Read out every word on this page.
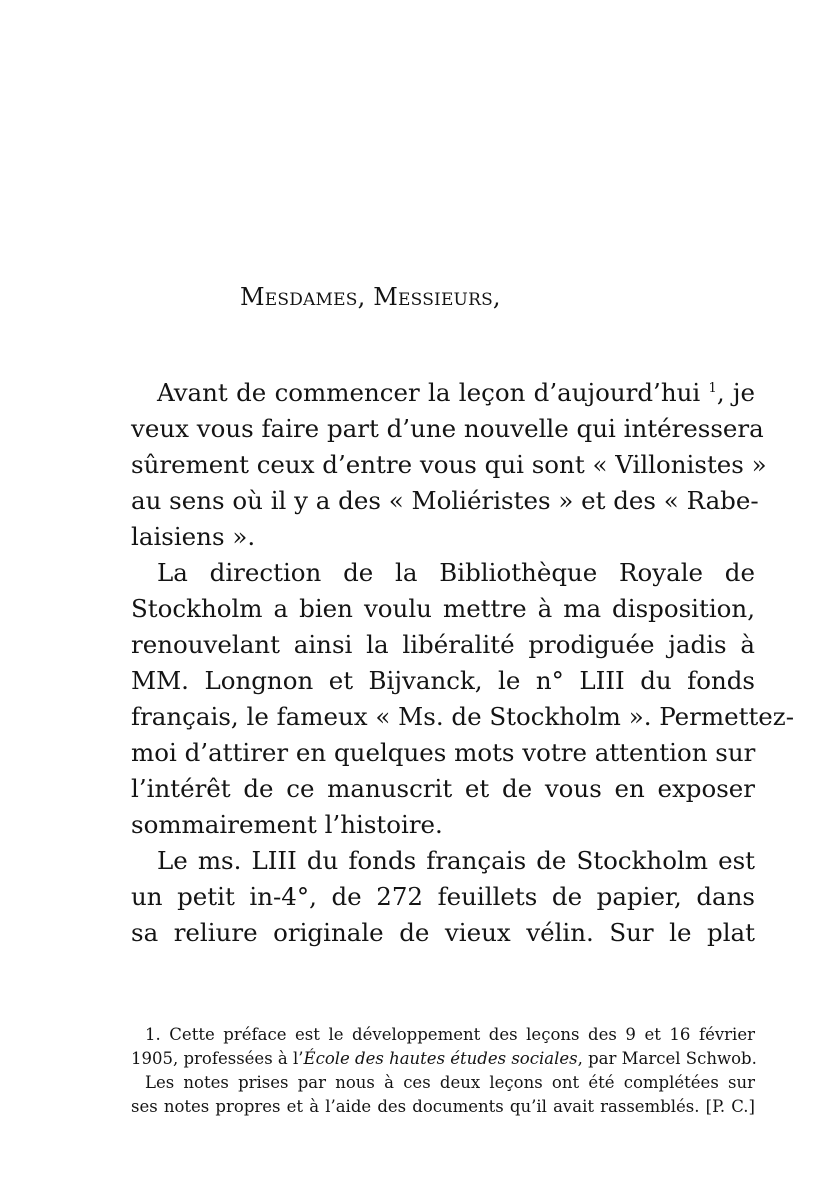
Mesdames, Messieurs,
Avant de commencer la leçon d’aujourd’hui $^1$, je
veux vous faire part d’une nouvelle qui intéressera
sûrement ceux d’entre vous qui sont « Villonistes »
au sens où il y a des « Moliéristes » et des « Rabe-
laisiens ».
La direction de la Bibliothèque Royale de
Stockholm a bien voulu mettre à ma disposition,
renouvelant ainsi la libéralité prodiguée jadis à
MM. Longnon et Bijvanck, le n° LIII du fonds
français, le fameux « Ms. de Stockholm ». Permettez-
moi d’attirer en quelques mots votre attention sur
l’intérêt de ce manuscrit et de vous en exposer
sommairement l’histoire.
Le ms. LIII du fonds français de Stockholm est
un petit in-4°, de 272 feuillets de papier, dans
sa reliure originale de vieux vélin. Sur le plat
1. Cette préface est le développement des leçons des 9 et 16 février
1905, professées à l’École des hautes études sociales, par Marcel Schwob.
Les notes prises par nous à ces deux leçons ont été complétées sur
ses notes propres et à l’aide des documents qu’il avait rassemblés. [P. C.]
